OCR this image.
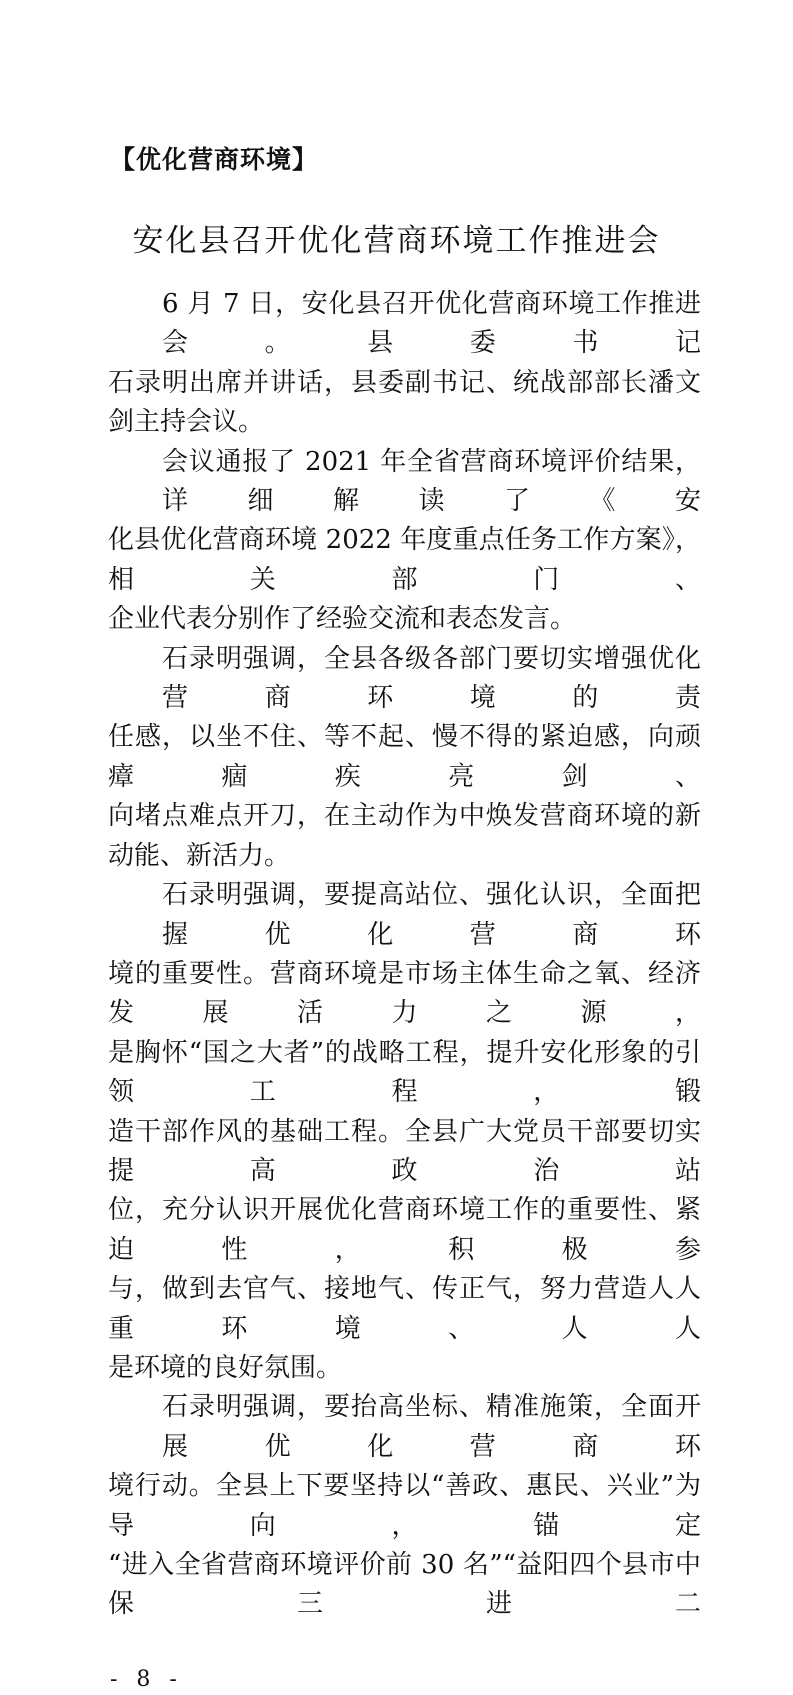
【优化营商环境】
安化县召开优化营商环境工作推进会
6 月 7 日，安化县召开优化营商环境工作推进会。县委书记
石录明出席并讲话，县委副书记、统战部部长潘文剑主持会议。
会议通报了 2021 年全省营商环境评价结果，详细解读了《安
化县优化营商环境 2022 年度重点任务工作方案》，相关部门、
企业代表分别作了经验交流和表态发言。
石录明强调，全县各级各部门要切实增强优化营商环境的责
任感，以坐不住、等不起、慢不得的紧迫感，向顽瘴痼疾亮剑、
向堵点难点开刀，在主动作为中焕发营商环境的新动能、新活力。
石录明强调，要提高站位、强化认识，全面把握优化营商环
境的重要性。营商环境是市场主体生命之氧、经济发展活力之源，
是胸怀“国之大者”的战略工程，提升安化形象的引领工程，锻
造干部作风的基础工程。全县广大党员干部要切实提高政治站
位，充分认识开展优化营商环境工作的重要性、紧迫性，积极参
与，做到去官气、接地气、传正气，努力营造人人重环境、人人
是环境的良好氛围。
石录明强调，要抬高坐标、精准施策，全面开展优化营商环
境行动。全县上下要坚持以“善政、惠民、兴业”为导向，锚定
“进入全省营商环境评价前 30 名”“益阳四个县市中保三进二
- 8 -
